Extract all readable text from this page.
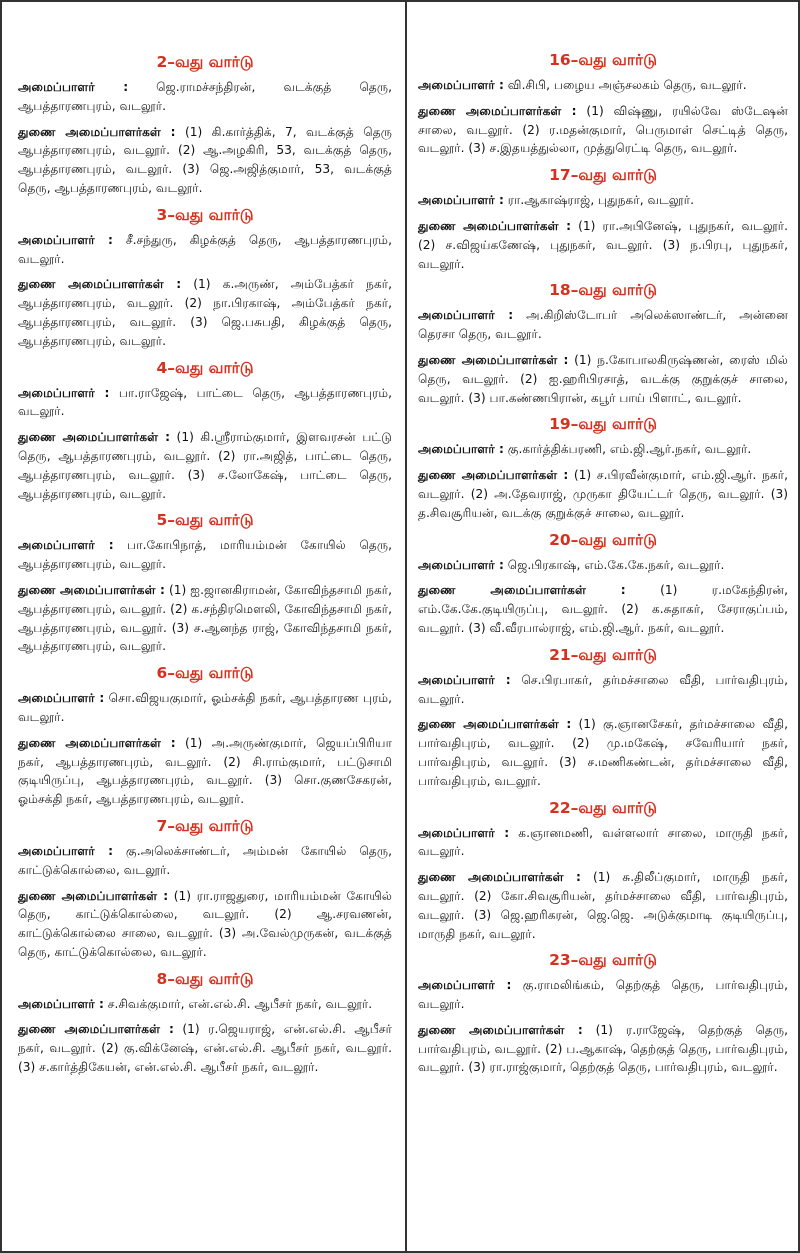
2–வது வார்டு

அமைப்பாளர் : ஜெ.ராமச்சந்திரன், வடக்குத் தெரு, ஆபத்தாரணபுரம், வடலூர்.

துணை அமைப்பாளர்கள் : (1) கி.கார்த்திக், 7, வடக்குத் தெரு ஆபத்தாரணபுரம், வடலூர். (2) ஆ.அழகிரி, 53, வடக்குத் தெரு, ஆபத்தாரணபுரம், வடலூர். (3) ஜெ.அஜித்குமார், 53, வடக்குத் தெரு, ஆபத்தாரணபுரம், வடலூர்.

3–வது வார்டு

அமைப்பாளர் : சீ.சந்துரு, கிழக்குத் தெரு, ஆபத்தாரணபுரம், வடலூர்.

துணை அமைப்பாளர்கள் : (1) க.அருண், அம்பேத்கர் நகர், ஆபத்தாரணபுரம், வடலூர். (2) நா.பிரகாஷ், அம்பேத்கர் நகர், ஆபத்தாரணபுரம், வடலூர். (3) ஜெ.பசுபதி, கிழக்குத் தெரு, ஆபத்தாரணபுரம், வடலூர்.

4–வது வார்டு

அமைப்பாளர் : பா.ராஜேஷ், பாட்டை தெரு, ஆபத்தாரணபுரம், வடலூர்.

துணை அமைப்பாளர்கள் : (1) கி.ஸ்ரீராம்குமார், இளவரசன் பட்டு தெரு, ஆபத்தாரணபுரம், வடலூர். (2) ரா.அஜித், பாட்டை தெரு, ஆபத்தாரணபுரம், வடலூர். (3) ச.லோகேஷ், பாட்டை தெரு, ஆபத்தாரணபுரம், வடலூர்.

5–வது வார்டு

அமைப்பாளர் : பா.கோபிநாத், மாரியம்மன் கோயில் தெரு, ஆபத்தாரணபுரம், வடலூர்.

துணை அமைப்பாளர்கள் : (1) ஐ.ஜானகிராமன், கோவிந்தசாமி நகர், ஆபத்தாரணபுரம், வடலூர். (2) க.சந்திரமௌலி, கோவிந்தசாமி நகர், ஆபத்தாரணபுரம், வடலூர். (3) ச.ஆனந்த ராஜ், கோவிந்தசாமி நகர், ஆபத்தாரணபுரம், வடலூர்.

6–வது வார்டு

அமைப்பாளர் : சொ.விஜயகுமார், ஓம்சக்தி நகர், ஆபத்தாரண புரம், வடலூர்.

துணை அமைப்பாளர்கள் : (1) அ.அருண்குமார், ஜெயப்பிரியா நகர், ஆபத்தாரணபுரம், வடலூர். (2) சி.ராம்குமார், பட்டுசாமி குடியிருப்பு, ஆபத்தாரணபுரம், வடலூர். (3) சொ.குணசேகரன், ஓம்சக்தி நகர், ஆபத்தாரணபுரம், வடலூர்.

7–வது வார்டு

அமைப்பாளர் : கு.அலெக்சாண்டர், அம்மன் கோயில் தெரு, காட்டுக்கொல்லை, வடலூர்.

துணை அமைப்பாளர்கள் : (1) ரா.ராஜதுரை, மாரியம்மன் கோயில் தெரு, காட்டுக்கொல்லை, வடலூர். (2) ஆ.சரவணன், காட்டுக்கொல்லை சாலை, வடலூர். (3) அ.வேல்முருகன், வடக்குத் தெரு, காட்டுக்கொல்லை, வடலூர்.

8–வது வார்டு

அமைப்பாளர் : ச.சிவக்குமார், என்.எல்.சி. ஆபீசர் நகர், வடலூர்.

துணை அமைப்பாளர்கள் : (1) ர.ஜெயராஜ், என்.எல்.சி. ஆபீசர் நகர், வடலூர். (2) கு.விக்னேஷ், என்.எல்.சி. ஆபீசர் நகர், வடலூர். (3) ச.கார்த்திகேயன், என்.எல்.சி. ஆபீசர் நகர், வடலூர்.

16–வது வார்டு

அமைப்பாளர் : வி.சிபி, பழைய அஞ்சலகம் தெரு, வடலூர்.

துணை அமைப்பாளர்கள் : (1) விஷ்ணு, ரயில்வே ஸ்டேஷன் சாலை, வடலூர். (2) ர.மதன்குமார், பெருமாள் செட்டித் தெரு, வடலூர். (3) ச.இதயத்துல்லா, முத்துரெட்டி தெரு, வடலூர்.

17–வது வார்டு

அமைப்பாளர் : ரா.ஆகாஷ்ராஜ், புதுநகர், வடலூர்.

துணை அமைப்பாளர்கள் : (1) ரா.அபினேஷ், புதுநகர், வடலூர். (2) ச.விஜய்கணேஷ், புதுநகர், வடலூர். (3) ந.பிரபு, புதுநகர், வடலூர்.

18–வது வார்டு

அமைப்பாளர் : அ.கிறிஸ்டோபர் அலெக்ஸாண்டர், அன்னை தெரசா தெரு, வடலூர்.

துணை அமைப்பாளர்கள் : (1) ந.கோபாலகிருஷ்ணன், ரைஸ் மில் தெரு, வடலூர். (2) ஐ.ஹரிபிரசாத், வடக்கு குறுக்குச் சாலை, வடலூர். (3) பா.கண்ணபிரான், கபூர் பாய் பிளாட், வடலூர்.

19–வது வார்டு

அமைப்பாளர் : கு.கார்த்திக்பரணி, எம்.ஜி.ஆர்.நகர், வடலூர்.

துணை அமைப்பாளர்கள் : (1) ச.பிரவீன்குமார், எம்.ஜி.ஆர். நகர், வடலூர். (2) அ.தேவராஜ், முருகா தியேட்டர் தெரு, வடலூர். (3) த.சிவசூரியன், வடக்கு குறுக்குச் சாலை, வடலூர்.

20–வது வார்டு

அமைப்பாளர் : ஜெ.பிரகாஷ், எம்.கே.கே.நகர், வடலூர்.

துணை அமைப்பாளர்கள் : (1) ர.மகேந்திரன், எம்.கே.கே.குடியிருப்பு, வடலூர். (2) க.சுதாகர், சேராகுப்பம், வடலூர். (3) வீ.வீரபால்ராஜ், எம்.ஜி.ஆர். நகர், வடலூர்.

21–வது வார்டு

அமைப்பாளர் : செ.பிரபாகர், தர்மச்சாலை வீதி, பார்வதிபுரம், வடலூர்.

துணை அமைப்பாளர்கள் : (1) கு.ஞானசேகர், தர்மச்சாலை வீதி, பார்வதிபுரம், வடலூர். (2) மு.மகேஷ், சவேரியார் நகர், பார்வதிபுரம், வடலூர். (3) ச.மணிகண்டன், தர்மச்சாலை வீதி, பார்வதிபுரம், வடலூர்.

22–வது வார்டு

அமைப்பாளர் : க.ஞானமணி, வள்ளலார் சாலை, மாருதி நகர், வடலூர்.

துணை அமைப்பாளர்கள் : (1) சு.திலீப்குமார், மாருதி நகர், வடலூர். (2) கோ.சிவசூரியன், தர்மச்சாலை வீதி, பார்வதிபுரம், வடலூர். (3) ஜெ.ஹரிகரன், ஜெ.ஜெ. அடுக்குமாடி குடியிருப்பு, மாருதி நகர், வடலூர்.

23–வது வார்டு

அமைப்பாளர் : கு.ராமலிங்கம், தெற்குத் தெரு, பார்வதிபுரம், வடலூர்.

துணை அமைப்பாளர்கள் : (1) ர.ராஜேஷ், தெற்குத் தெரு, பார்வதிபுரம், வடலூர். (2) ப.ஆகாஷ், தெற்குத் தெரு, பார்வதிபுரம், வடலூர். (3) ரா.ராஜ்குமார், தெற்குத் தெரு, பார்வதிபுரம், வடலூர்.
